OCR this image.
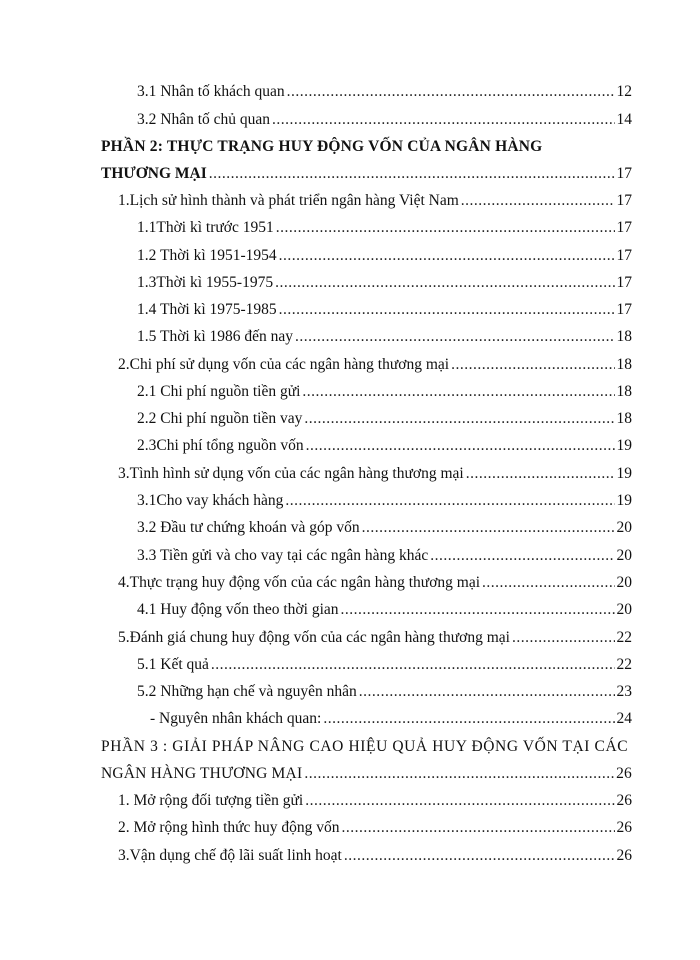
3.1 Nhân tố khách quan .....	12
3.2 Nhân tố chủ quan .....	14
PHẦN 2: THỰC TRẠNG HUY ĐỘNG VỐN CỦA NGÂN HÀNG
THƯƠNG MẠI .....	17
1.Lịch sử hình thành và phát triển ngân hàng Việt Nam .....	17
1.1Thời kì trước 1951 .....	17
1.2 Thời kì 1951-1954 .....	17
1.3Thời kì 1955-1975 .....	17
1.4 Thời kì 1975-1985 .....	17
1.5 Thời kì 1986 đến nay .....	18
2.Chi phí sử dụng vốn của các ngân hàng thương mại .....	18
2.1 Chi phí nguồn tiền gửi .....	18
2.2 Chi phí nguồn tiền vay .....	18
2.3Chi phí tổng nguồn vốn .....	19
3.Tình hình sử dụng vốn của các ngân hàng thương mại .....	19
3.1Cho vay khách hàng .....	19
3.2 Đầu tư chứng khoán và góp vốn .....	20
3.3 Tiền gửi và cho vay tại các ngân hàng khác .....	20
4.Thực trạng huy động vốn của các ngân hàng thương mại .....	20
4.1 Huy động vốn theo thời gian .....	20
5.Đánh giá chung huy động vốn của các ngân hàng thương mại .....	22
5.1 Kết quả .....	22
5.2 Những hạn chế và nguyên nhân .....	23
- Nguyên nhân khách quan: .....	24
PHẦN 3 : GIẢI PHÁP NÂNG CAO HIỆU QUẢ HUY ĐỘNG VỐN TẠI CÁC
NGÂN HÀNG THƯƠNG MẠI .....	26
1. Mở rộng đối tượng tiền gửi .....	26
2. Mở rộng hình thức huy động vốn .....	26
3.Vận dụng chế độ lãi suất linh hoạt .....	26
